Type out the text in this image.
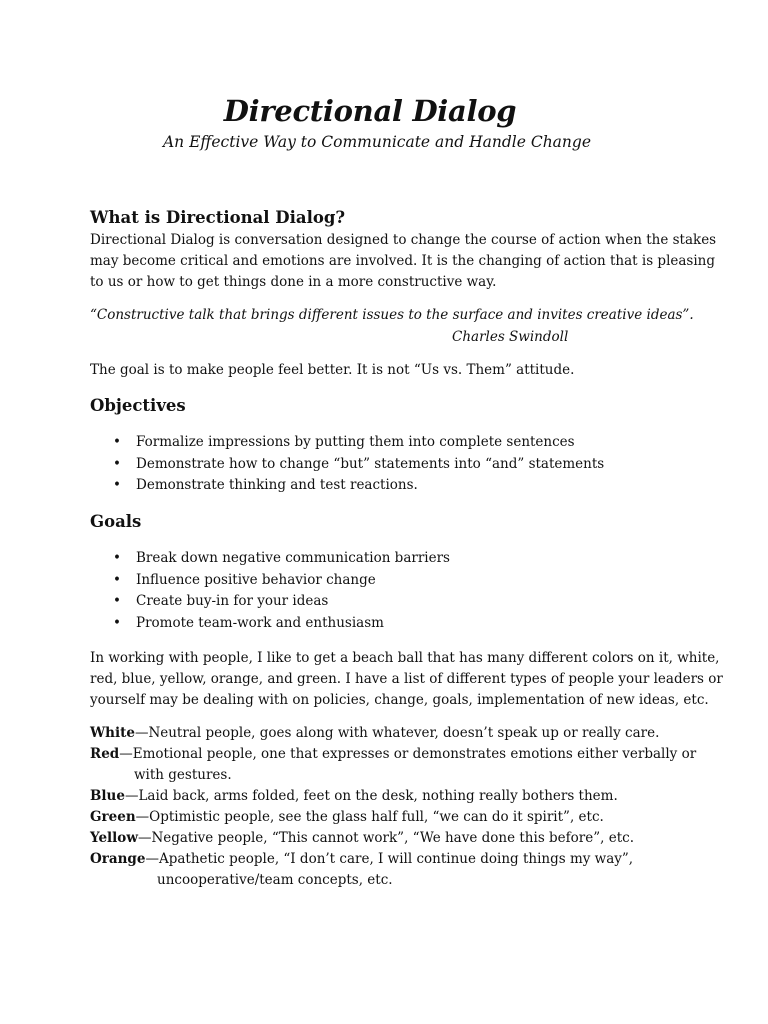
Directional Dialog
An Effective Way to Communicate and Handle Change
What is Directional Dialog?
Directional Dialog is conversation designed to change the course of action when the stakes
may become critical and emotions are involved. It is the changing of action that is pleasing
to us or how to get things done in a more constructive way.
“Constructive talk that brings different issues to the surface and invites creative ideas”.
Charles Swindoll
The goal is to make people feel better. It is not “Us vs. Them” attitude.
Objectives
• Formalize impressions by putting them into complete sentences
• Demonstrate how to change “but” statements into “and” statements
• Demonstrate thinking and test reactions.
Goals
• Break down negative communication barriers
• Influence positive behavior change
• Create buy-in for your ideas
• Promote team-work and enthusiasm
In working with people, I like to get a beach ball that has many different colors on it, white,
red, blue, yellow, orange, and green. I have a list of different types of people your leaders or
yourself may be dealing with on policies, change, goals, implementation of new ideas, etc.
White—Neutral people, goes along with whatever, doesn’t speak up or really care.
Red—Emotional people, one that expresses or demonstrates emotions either verbally or
with gestures.
Blue—Laid back, arms folded, feet on the desk, nothing really bothers them.
Green—Optimistic people, see the glass half full, “we can do it spirit”, etc.
Yellow—Negative people, “This cannot work”, “We have done this before”, etc.
Orange—Apathetic people, “I don’t care, I will continue doing things my way”,
uncooperative/team concepts, etc.
